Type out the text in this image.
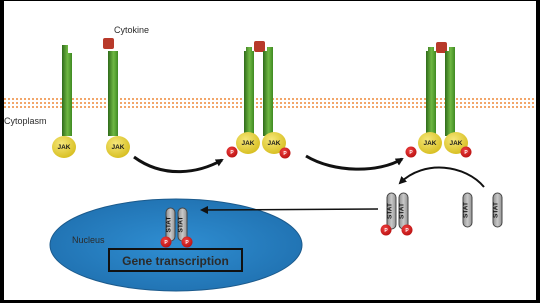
Cytokine
Cytoplasm
Nucleus
Gene transcription
JAK	JAK
JAK JAK
P	P
JAK JAK
P	P
STAT	STAT
STAT STAT
P	P
STAT STAT
P	P
